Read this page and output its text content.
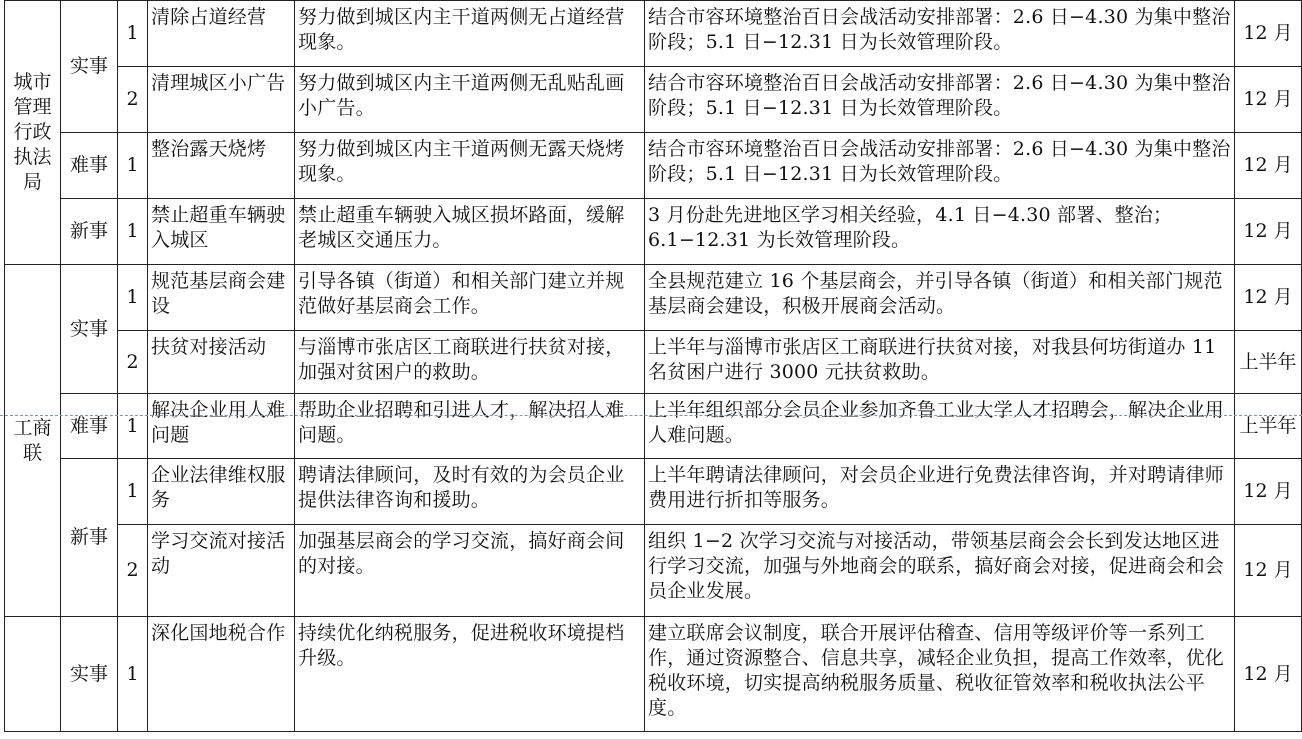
城市管理行政执法局	实事	1	清除占道经营	努力做到城区内主干道两侧无占道经营现象。	结合市容环境整治百日会战活动安排部署：2.6 日−4.30 为集中整治阶段；5.1 日−12.31 日为长效管理阶段。	12 月
		2	清理城区小广告	努力做到城区内主干道两侧无乱贴乱画小广告。	结合市容环境整治百日会战活动安排部署：2.6 日−4.30 为集中整治阶段；5.1 日−12.31 日为长效管理阶段。	12 月
	难事	1	整治露天烧烤	努力做到城区内主干道两侧无露天烧烤现象。	结合市容环境整治百日会战活动安排部署：2.6 日−4.30 为集中整治阶段；5.1 日−12.31 日为长效管理阶段。	12 月
	新事	1	禁止超重车辆驶入城区	禁止超重车辆驶入城区损坏路面，缓解老城区交通压力。	3 月份赴先进地区学习相关经验，4.1 日−4.30 部署、整治；6.1−12.31 为长效管理阶段。	12 月
工商联	实事	1	规范基层商会建设	引导各镇（街道）和相关部门建立并规范做好基层商会工作。	全县规范建立 16 个基层商会，并引导各镇（街道）和相关部门规范基层商会建设，积极开展商会活动。	12 月
		2	扶贫对接活动	与淄博市张店区工商联进行扶贫对接，加强对贫困户的救助。	上半年与淄博市张店区工商联进行扶贫对接，对我县何坊街道办 11 名贫困户进行 3000 元扶贫救助。	上半年
	难事	1	解决企业用人难问题	帮助企业招聘和引进人才，解决招人难问题。	上半年组织部分会员企业参加齐鲁工业大学人才招聘会，解决企业用人难问题。	上半年
	新事	1	企业法律维权服务	聘请法律顾问，及时有效的为会员企业提供法律咨询和援助。	上半年聘请法律顾问，对会员企业进行免费法律咨询，并对聘请律师费用进行折扣等服务。	12 月
		2	学习交流对接活动	加强基层商会的学习交流，搞好商会间的对接。	组织 1−2 次学习交流与对接活动，带领基层商会会长到发达地区进行学习交流，加强与外地商会的联系，搞好商会对接，促进商会和会员企业发展。	12 月
	实事	1	深化国地税合作	持续优化纳税服务，促进税收环境提档升级。	建立联席会议制度，联合开展评估稽查、信用等级评价等一系列工作，通过资源整合、信息共享，减轻企业负担，提高工作效率，优化税收环境，切实提高纳税服务质量、税收征管效率和税收执法公平度。	12 月
